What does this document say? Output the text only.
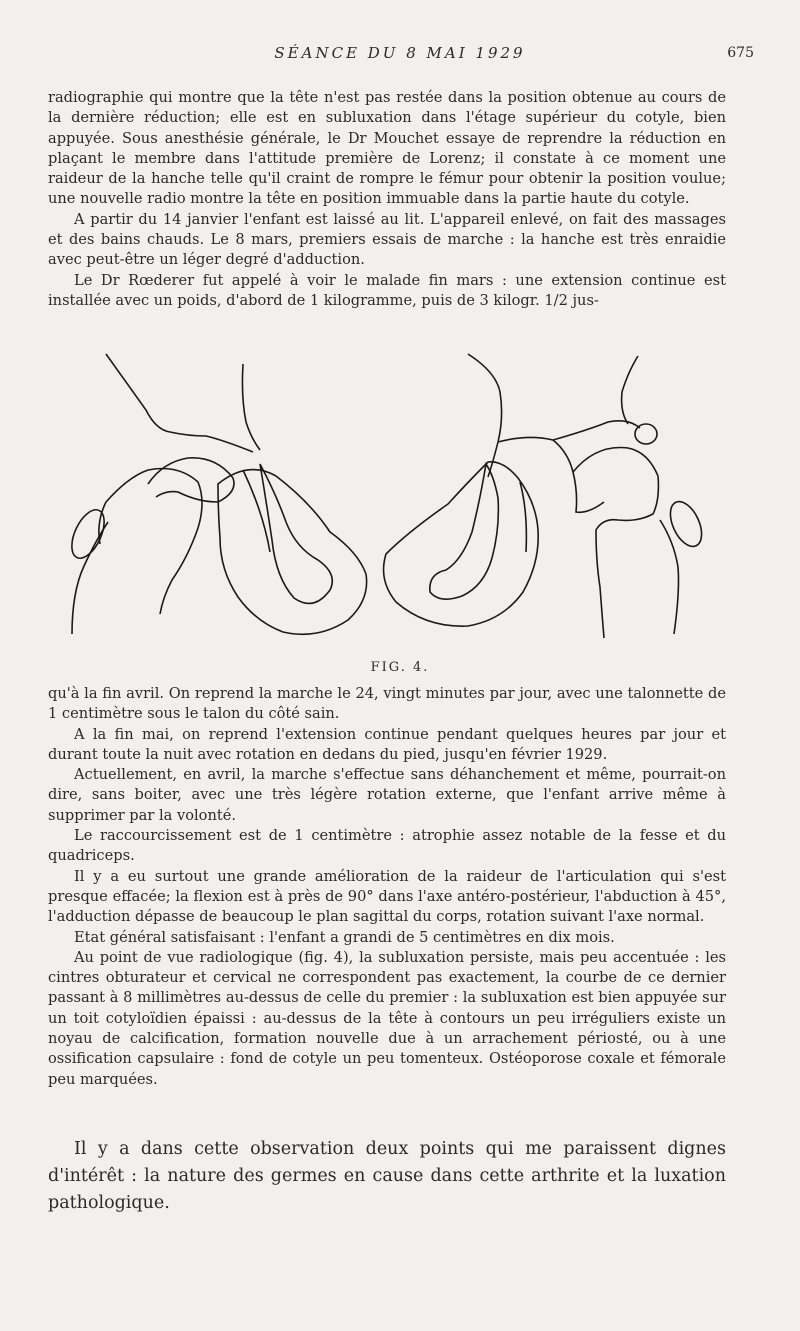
SÉANCE DU 8 MAI 1929	675

radiographie qui montre que la tête n'est pas restée dans la position obtenue au cours de la dernière réduction; elle est en subluxation dans l'étage supérieur du cotyle, bien appuyée. Sous anesthésie générale, le Dr Mouchet essaye de reprendre la réduction en plaçant le membre dans l'attitude première de Lorenz; il constate à ce moment une raideur de la hanche telle qu'il craint de rompre le fémur pour obtenir la position voulue; une nouvelle radio montre la tête en position immuable dans la partie haute du cotyle.

A partir du 14 janvier l'enfant est laissé au lit. L'appareil enlevé, on fait des massages et des bains chauds. Le 8 mars, premiers essais de marche : la hanche est très enraidie avec peut-être un léger degré d'adduction.

Le Dr Rœderer fut appelé à voir le malade fin mars : une extension continue est installée avec un poids, d'abord de 1 kilogramme, puis de 3 kilogr. 1/2 jus-

FIG. 4.

qu'à la fin avril. On reprend la marche le 24, vingt minutes par jour, avec une talonnette de 1 centimètre sous le talon du côté sain.

A la fin mai, on reprend l'extension continue pendant quelques heures par jour et durant toute la nuit avec rotation en dedans du pied, jusqu'en février 1929.

Actuellement, en avril, la marche s'effectue sans déhanchement et même, pourrait-on dire, sans boiter, avec une très légère rotation externe, que l'enfant arrive même à supprimer par la volonté.

Le raccourcissement est de 1 centimètre : atrophie assez notable de la fesse et du quadriceps.

Il y a eu surtout une grande amélioration de la raideur de l'articulation qui s'est presque effacée; la flexion est à près de 90° dans l'axe antéro-postérieur, l'abduction à 45°, l'adduction dépasse de beaucoup le plan sagittal du corps, rotation suivant l'axe normal.

Etat général satisfaisant : l'enfant a grandi de 5 centimètres en dix mois.

Au point de vue radiologique (fig. 4), la subluxation persiste, mais peu accentuée : les cintres obturateur et cervical ne correspondent pas exactement, la courbe de ce dernier passant à 8 millimètres au-dessus de celle du premier : la subluxation est bien appuyée sur un toit cotyloïdien épaissi : au-dessus de la tête à contours un peu irréguliers existe un noyau de calcification, formation nouvelle due à un arrachement périosté, ou à une ossification capsulaire : fond de cotyle un peu tomenteux. Ostéoporose coxale et fémorale peu marquées.

Il y a dans cette observation deux points qui me paraissent dignes d'intérêt : la nature des germes en cause dans cette arthrite et la luxation pathologique.
